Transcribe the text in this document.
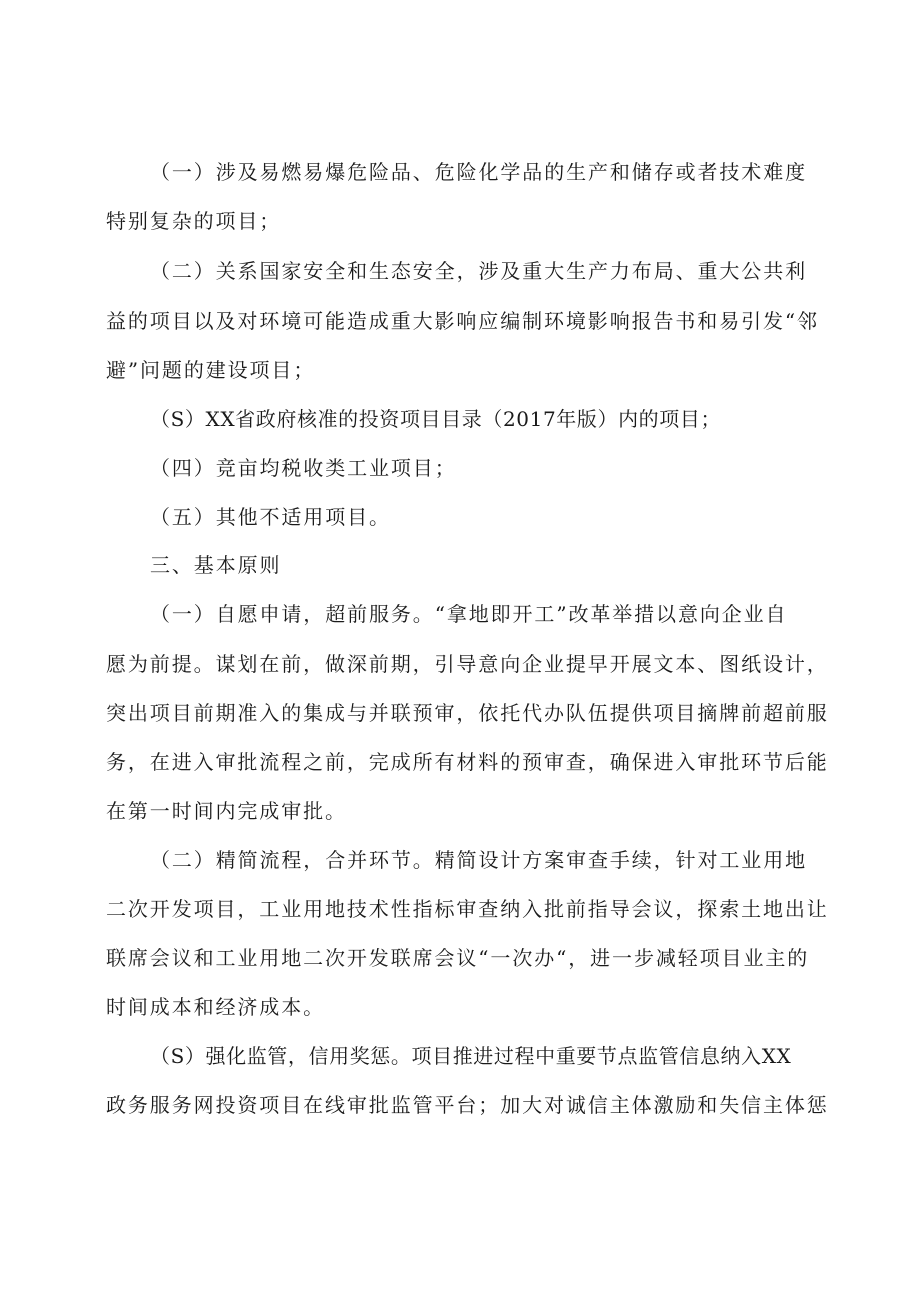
（一）涉及易燃易爆危险品、危险化学品的生产和储存或者技术难度
特别复杂的项目；
（二）关系国家安全和生态安全，涉及重大生产力布局、重大公共利
益的项目以及对环境可能造成重大影响应编制环境影响报告书和易引发“邻
避”问题的建设项目；
（S）XX省政府核准的投资项目目录（2017年版）内的项目；
（四）竞亩均税收类工业项目；
（五）其他不适用项目。
三、基本原则
（一）自愿申请，超前服务。“拿地即开工”改革举措以意向企业自
愿为前提。谋划在前，做深前期，引导意向企业提早开展文本、图纸设计，
突出项目前期准入的集成与并联预审，依托代办队伍提供项目摘牌前超前服
务，在进入审批流程之前，完成所有材料的预审查，确保进入审批环节后能
在第一时间内完成审批。
（二）精简流程，合并环节。精简设计方案审查手续，针对工业用地
二次开发项目，工业用地技术性指标审查纳入批前指导会议，探索土地出让
联席会议和工业用地二次开发联席会议“一次办“，进一步减轻项目业主的
时间成本和经济成本。
（S）强化监管，信用奖惩。项目推进过程中重要节点监管信息纳入XX
政务服务网投资项目在线审批监管平台；加大对诚信主体激励和失信主体惩
